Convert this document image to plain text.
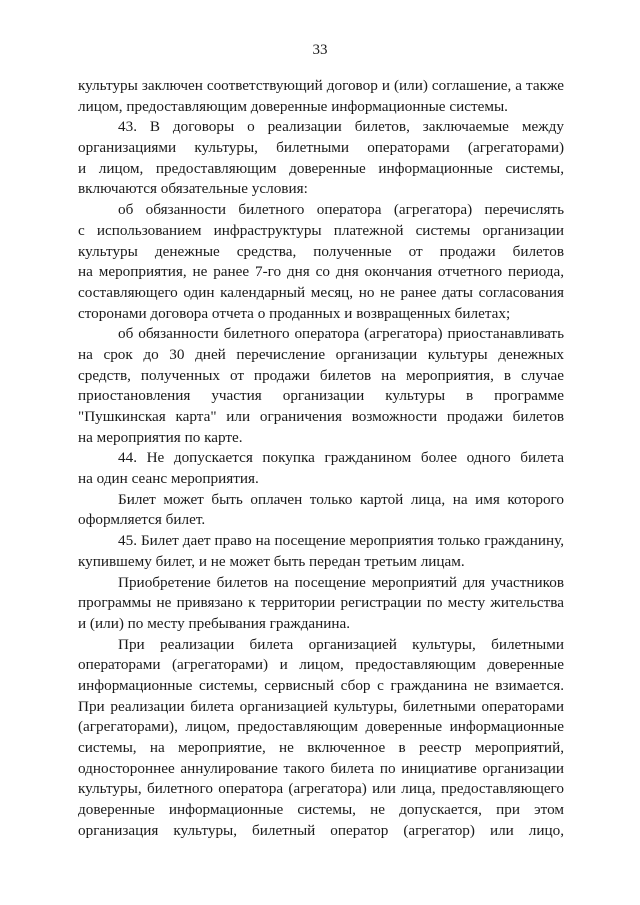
33
культуры заключен соответствующий договор и (или) соглашение, а также
лицом, предоставляющим доверенные информационные системы.
43. В договоры о реализации билетов, заключаемые между
организациями культуры, билетными операторами (агрегаторами)
и лицом, предоставляющим доверенные информационные системы,
включаются обязательные условия:
об обязанности билетного оператора (агрегатора) перечислять
с использованием инфраструктуры платежной системы организации
культуры денежные средства, полученные от продажи билетов
на мероприятия, не ранее 7-го дня со дня окончания отчетного периода,
составляющего один календарный месяц, но не ранее даты согласования
сторонами договора отчета о проданных и возвращенных билетах;
об обязанности билетного оператора (агрегатора) приостанавливать
на срок до 30 дней перечисление организации культуры денежных
средств, полученных от продажи билетов на мероприятия, в случае
приостановления участия организации культуры в программе
"Пушкинская карта" или ограничения возможности продажи билетов
на мероприятия по карте.
44. Не допускается покупка гражданином более одного билета
на один сеанс мероприятия.
Билет может быть оплачен только картой лица, на имя которого
оформляется билет.
45. Билет дает право на посещение мероприятия только гражданину,
купившему билет, и не может быть передан третьим лицам.
Приобретение билетов на посещение мероприятий для участников
программы не привязано к территории регистрации по месту жительства
и (или) по месту пребывания гражданина.
При реализации билета организацией культуры, билетными
операторами (агрегаторами) и лицом, предоставляющим доверенные
информационные системы, сервисный сбор с гражданина не взимается.
При реализации билета организацией культуры, билетными операторами
(агрегаторами), лицом, предоставляющим доверенные информационные
системы, на мероприятие, не включенное в реестр мероприятий,
одностороннее аннулирование такого билета по инициативе организации
культуры, билетного оператора (агрегатора) или лица, предоставляющего
доверенные информационные системы, не допускается, при этом
организация культуры, билетный оператор (агрегатор) или лицо,
